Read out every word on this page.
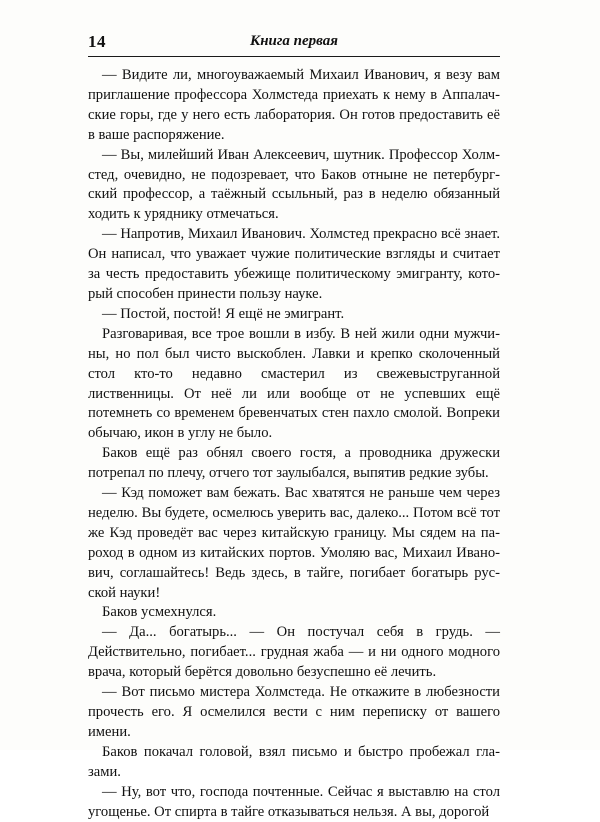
14	Книга первая

— Видите ли, многоуважаемый Михаил Иванович, я везу вам приглашение профессора Холмстеда приехать к нему в Аппалачские горы, где у него есть лаборатория. Он готов предоставить её в ваше распоряжение.

— Вы, милейший Иван Алексеевич, шутник. Профессор Холмстед, очевидно, не подозревает, что Баков отныне не петербургский профессор, а таёжный ссыльный, раз в неделю обязанный ходить к уряднику отмечаться.

— Напротив, Михаил Иванович. Холмстед прекрасно всё знает. Он написал, что уважает чужие политические взгляды и считает за честь предоставить убежище политическому эмигранту, который способен принести пользу науке.

— Постой, постой! Я ещё не эмигрант.

Разговаривая, все трое вошли в избу. В ней жили одни мужчины, но пол был чисто выскоблен. Лавки и крепко сколоченный стол кто-то недавно смастерил из свежевыструганной лиственницы. От неё ли или вообще от не успевших ещё потемнеть со временем бревенчатых стен пахло смолой. Вопреки обычаю, икон в углу не было.

Баков ещё раз обнял своего гостя, а проводника дружески потрепал по плечу, отчего тот заулыбался, выпятив редкие зубы.

— Кэд поможет вам бежать. Вас хватятся не раньше чем через неделю. Вы будете, осмелюсь уверить вас, далеко... Потом всё тот же Кэд проведёт вас через китайскую границу. Мы сядем на пароход в одном из китайских портов. Умоляю вас, Михаил Иванович, соглашайтесь! Ведь здесь, в тайге, погибает богатырь русской науки!

Баков усмехнулся.

— Да... богатырь... — Он постучал себя в грудь. — Действительно, погибает... грудная жаба — и ни одного модного врача, который берётся довольно безуспешно её лечить.

— Вот письмо мистера Холмстеда. Не откажите в любезности прочесть его. Я осмелился вести с ним переписку от вашего имени.

Баков покачал головой, взял письмо и быстро пробежал глазами.

— Ну, вот что, господа почтенные. Сейчас я выставлю на стол угощенье. От спирта в тайге отказываться нельзя. А вы, дорогой
